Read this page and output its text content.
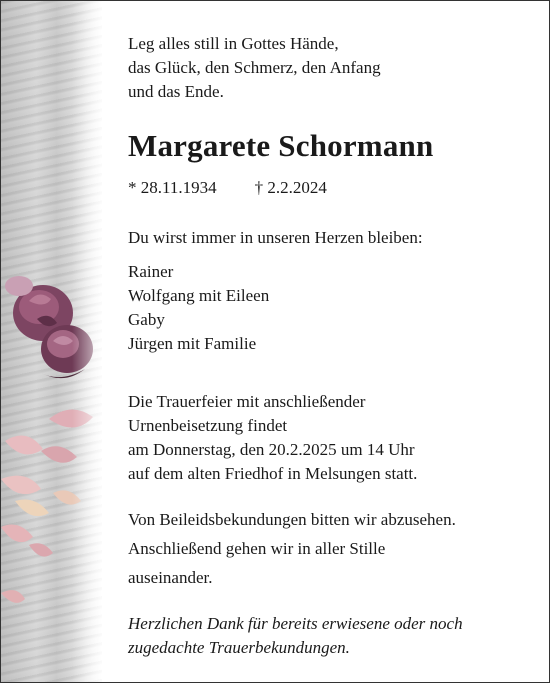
Leg alles still in Gottes Hände,
das Glück, den Schmerz, den Anfang
und das Ende.
Margarete Schormann
* 28.11.1934 † 2.2.2024
Du wirst immer in unseren Herzen bleiben:
Rainer
Wolfgang mit Eileen
Gaby
Jürgen mit Familie
Die Trauerfeier mit anschließender
Urnenbeisetzung findet
am Donnerstag, den 20.2.2025 um 14 Uhr
auf dem alten Friedhof in Melsungen statt.
Von Beileidsbekundungen bitten wir abzusehen.
Anschließend gehen wir in aller Stille
auseinander.
Herzlichen Dank für bereits erwiesene oder noch
zugedachte Trauerbekundungen.
